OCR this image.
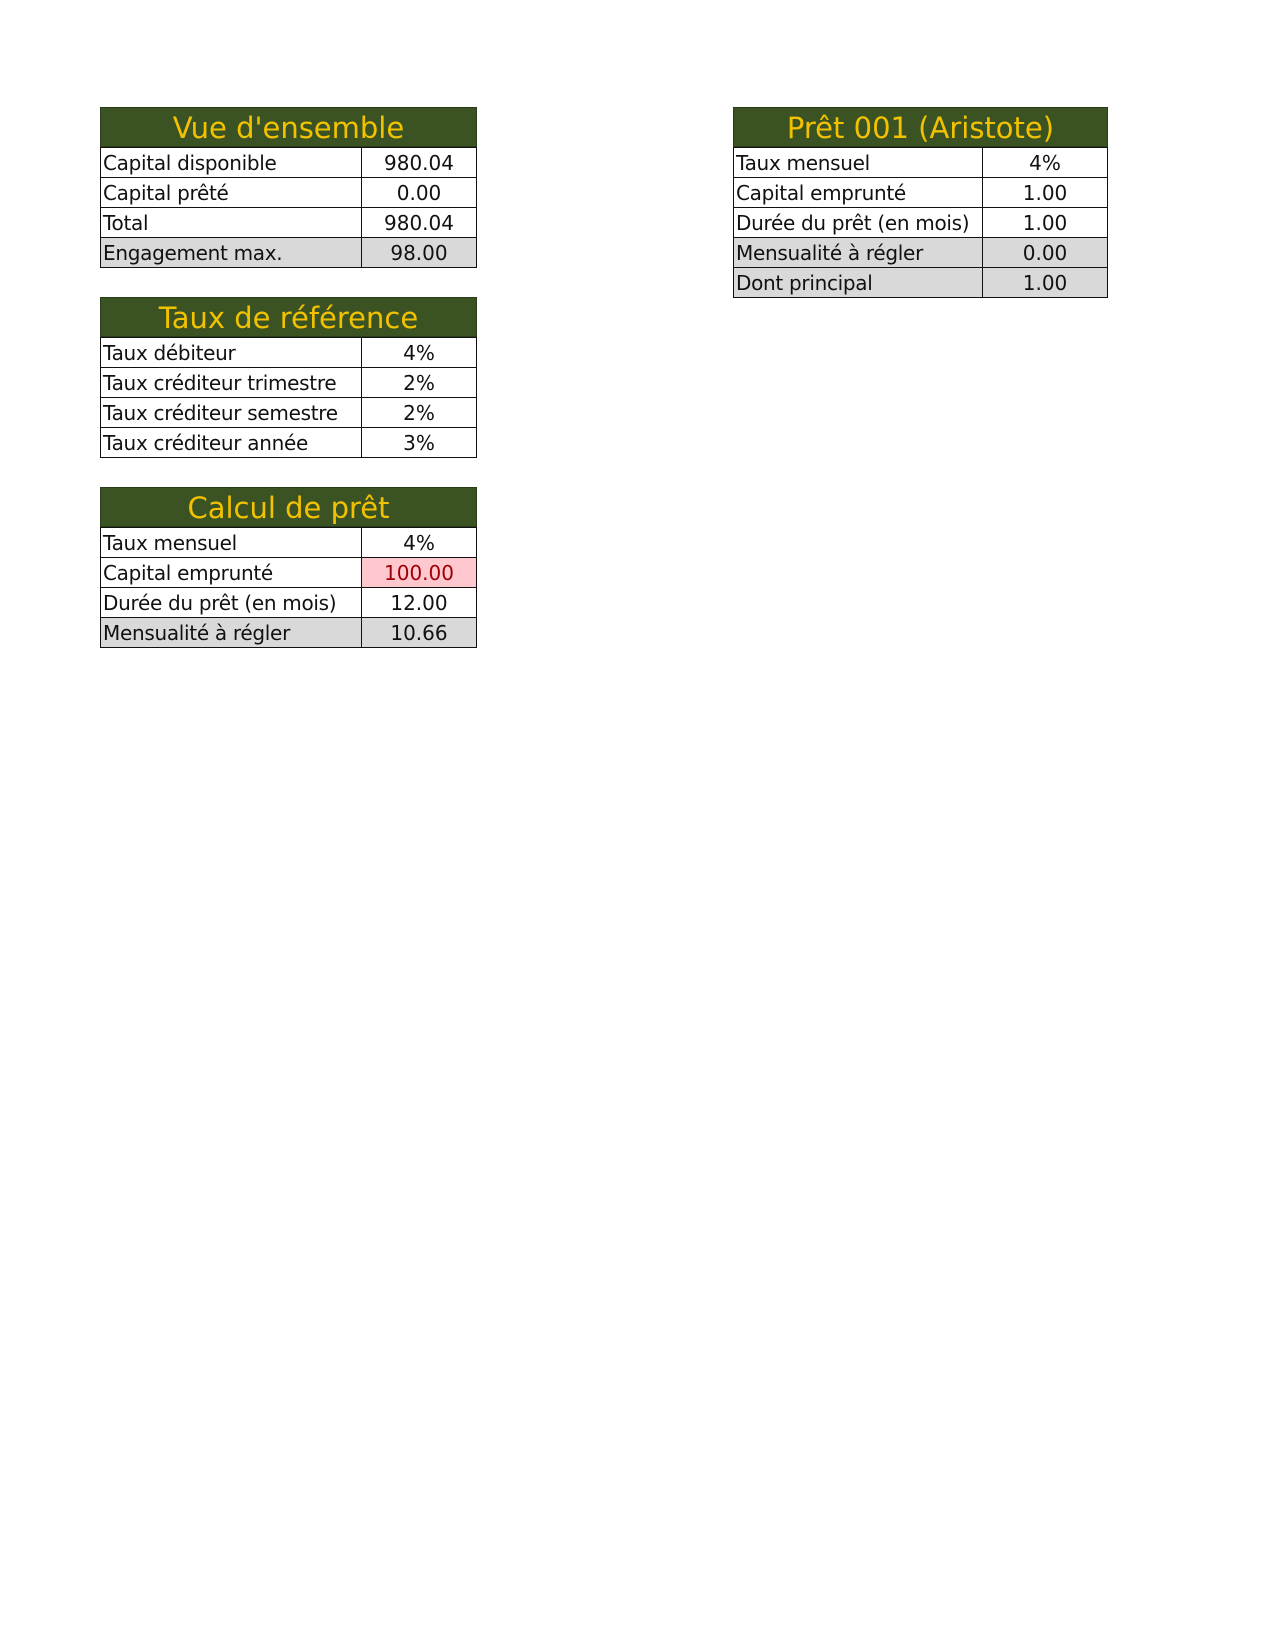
Vue d'ensemble
Capital disponible	980.04
Capital prêté	0.00
Total	980.04
Engagement max.	98.00
Taux de référence
Taux débiteur	4%
Taux créditeur trimestre	2%
Taux créditeur semestre	2%
Taux créditeur année	3%
Calcul de prêt
Taux mensuel	4%
Capital emprunté	100.00
Durée du prêt (en mois)	12.00
Mensualité à régler	10.66
Prêt 001 (Aristote)
Taux mensuel	4%
Capital emprunté	1.00
Durée du prêt (en mois)	1.00
Mensualité à régler	0.00
Dont principal	1.00
